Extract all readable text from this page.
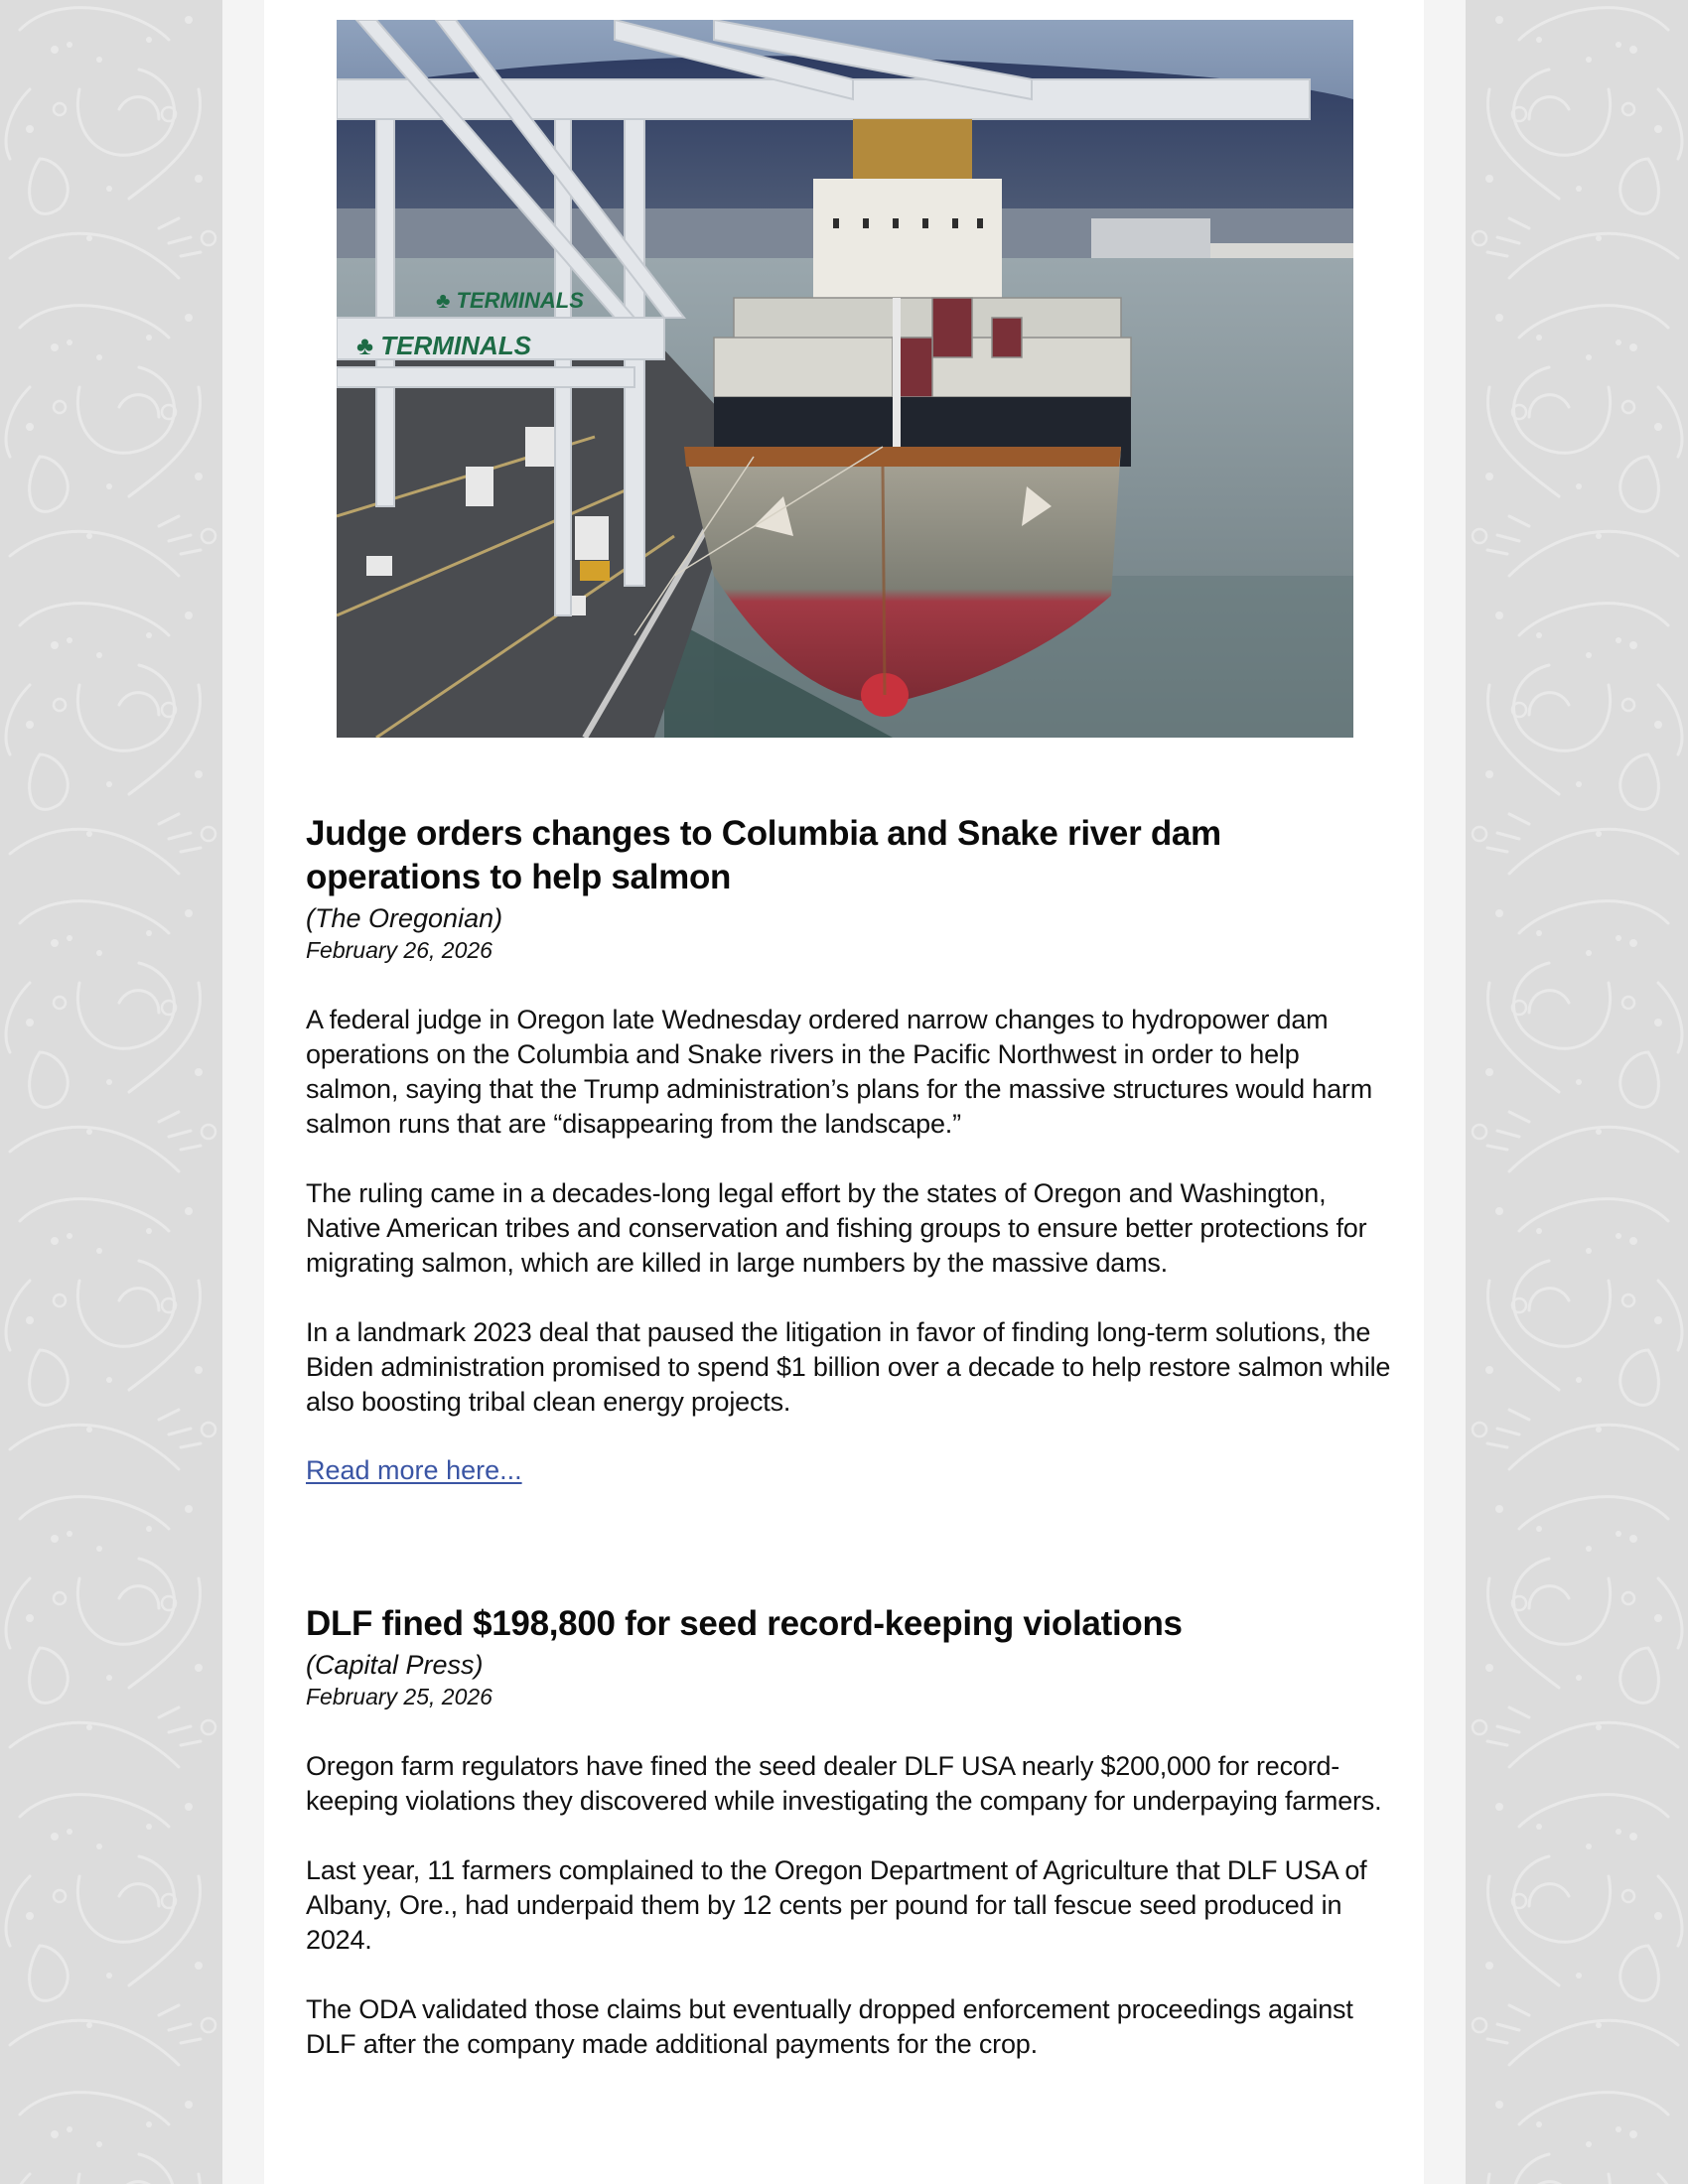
♣ TERMINALS
♣ TERMINALS
Judge orders changes to Columbia and Snake river dam operations to help salmon
(The Oregonian)
February 26, 2026

A federal judge in Oregon late Wednesday ordered narrow changes to hydropower dam operations on the Columbia and Snake rivers in the Pacific Northwest in order to help salmon, saying that the Trump administration’s plans for the massive structures would harm salmon runs that are “disappearing from the landscape.”

The ruling came in a decades-long legal effort by the states of Oregon and Washington, Native American tribes and conservation and fishing groups to ensure better protections for migrating salmon, which are killed in large numbers by the massive dams.

In a landmark 2023 deal that paused the litigation in favor of finding long-term solutions, the Biden administration promised to spend $1 billion over a decade to help restore salmon while also boosting tribal clean energy projects.

Read more here...
DLF fined $198,800 for seed record-keeping violations
(Capital Press)
February 25, 2026

Oregon farm regulators have fined the seed dealer DLF USA nearly $200,000 for record-keeping violations they discovered while investigating the company for underpaying farmers.

Last year, 11 farmers complained to the Oregon Department of Agriculture that DLF USA of Albany, Ore., had underpaid them by 12 cents per pound for tall fescue seed produced in 2024.

The ODA validated those claims but eventually dropped enforcement proceedings against DLF after the company made additional payments for the crop.
